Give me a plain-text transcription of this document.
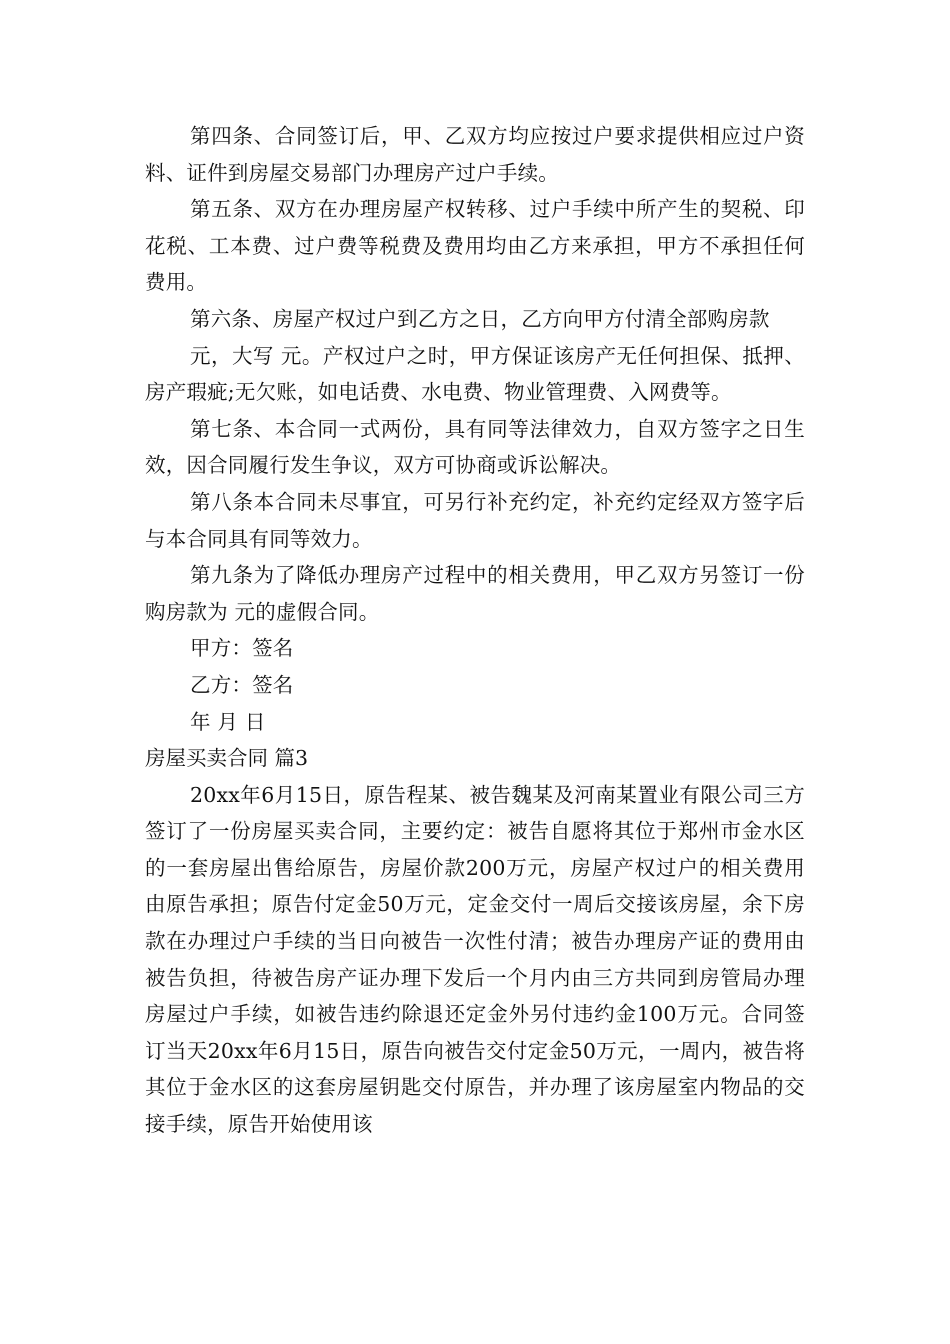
第四条、合同签订后，甲、乙双方均应按过户要求提供相应过户资料、证件到房屋交易部门办理房产过户手续。

第五条、双方在办理房屋产权转移、过户手续中所产生的契税、印花税、工本费、过户费等税费及费用均由乙方来承担，甲方不承担任何费用。

第六条、房屋产权过户到乙方之日，乙方向甲方付清全部购房款

元，大写 元。产权过户之时，甲方保证该房产无任何担保、抵押、房产瑕疵;无欠账，如电话费、水电费、物业管理费、入网费等。

第七条、本合同一式两份，具有同等法律效力，自双方签字之日生效，因合同履行发生争议，双方可协商或诉讼解决。

第八条本合同未尽事宜，可另行补充约定，补充约定经双方签字后与本合同具有同等效力。

第九条为了降低办理房产过程中的相关费用，甲乙双方另签订一份购房款为 元的虚假合同。

甲方：签名

乙方：签名

年 月 日

房屋买卖合同 篇3

20xx年6月15日，原告程某、被告魏某及河南某置业有限公司三方签订了一份房屋买卖合同，主要约定：被告自愿将其位于郑州市金水区的一套房屋出售给原告，房屋价款200万元，房屋产权过户的相关费用由原告承担；原告付定金50万元，定金交付一周后交接该房屋，余下房款在办理过户手续的当日向被告一次性付清；被告办理房产证的费用由被告负担，待被告房产证办理下发后一个月内由三方共同到房管局办理房屋过户手续，如被告违约除退还定金外另付违约金100万元。合同签订当天20xx年6月15日，原告向被告交付定金50万元，一周内，被告将其位于金水区的这套房屋钥匙交付原告，并办理了该房屋室内物品的交接手续，原告开始使用该
